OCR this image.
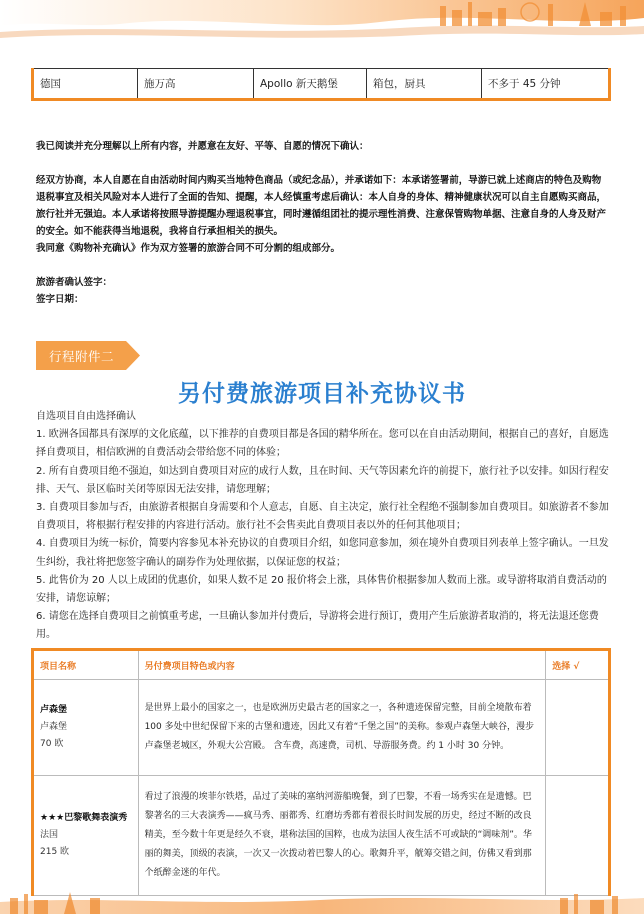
德国	施万高	Apollo 新天鹅堡	箱包，厨具	不多于 45 分钟
我已阅读并充分理解以上所有内容，并愿意在友好、平等、自愿的情况下确认：
经双方协商，本人自愿在自由活动时间内购买当地特色商品（或纪念品），并承诺如下：本承诺签署前，导游已就上述商店的特色及购物退税事宜及相关风险对本人进行了全面的告知、提醒，本人经慎重考虑后确认：本人自身的身体、精神健康状况可以自主自愿购买商品，旅行社并无强迫。本人承诺将按照导游提醒办理退税事宜，同时遵循组团社的提示理性消费、注意保管购物单据、注意自身的人身及财产的安全。如不能获得当地退税，我将自行承担相关的损失。
我同意《购物补充确认》作为双方签署的旅游合同不可分割的组成部分。
旅游者确认签字：
签字日期：
行程附件二
另付费旅游项目补充协议书

自选项目自由选择确认

1. 欧洲各国都具有深厚的文化底蕴，以下推荐的自费项目都是各国的精华所在。您可以在自由活动期间，根据自己的喜好，自愿选择自费项目，相信欧洲的自费活动会带给您不同的体验；

2. 所有自费项目绝不强迫，如达到自费项目对应的成行人数，且在时间、天气等因素允许的前提下，旅行社予以安排。如因行程安排、天气、景区临时关闭等原因无法安排，请您理解；

3. 自费项目参加与否，由旅游者根据自身需要和个人意志，自愿、自主决定，旅行社全程绝不强制参加自费项目。如旅游者不参加自费项目，将根据行程安排的内容进行活动。旅行社不会售卖此自费项目表以外的任何其他项目；

4. 自费项目为统一标价，简要内容参见本补充协议的自费项目介绍，如您同意参加，须在境外自费项目列表单上签字确认。一旦发生纠纷，我社将把您签字确认的副券作为处理依据，以保证您的权益；

5. 此售价为 20 人以上成团的优惠价，如果人数不足 20 报价将会上涨，具体售价根据参加人数而上涨。或导游将取消自费活动的安排，请您谅解；

6. 请您在选择自费项目之前慎重考虑，一旦确认参加并付费后，导游将会进行预订，费用产生后旅游者取消的，将无法退还您费用。

项目名称	另付费项目特色或内容	选择 √

卢森堡
卢森堡
70 欧	是世界上最小的国家之一，也是欧洲历史最古老的国家之一，各种遗迹保留完整，目前全境散布着 100 多处中世纪保留下来的古堡和遗迹，因此又有着“千堡之国”的美称。参观卢森堡大峡谷，漫步卢森堡老城区，外观大公宫殿。 含车费，高速费，司机、导游服务费。约 1 小时 30 分钟。	

★★★巴黎歌舞表演秀
法国
215 欧	看过了浪漫的埃菲尔铁塔，品过了美味的塞纳河游船晚餐，到了巴黎，不看一场秀实在是遗憾。巴黎著名的三大表演秀——疯马秀、丽都秀、红磨坊秀都有着很长时间发展的历史，经过不断的改良精美，至今数十年更是经久不衰，堪称法国的国粹，也成为法国人夜生活不可或缺的“调味剂”。华丽的舞美，顶级的表演，一次又一次拨动着巴黎人的心。歌舞升平，觥筹交错之间，仿佛又看到那个纸醉金迷的年代。	
